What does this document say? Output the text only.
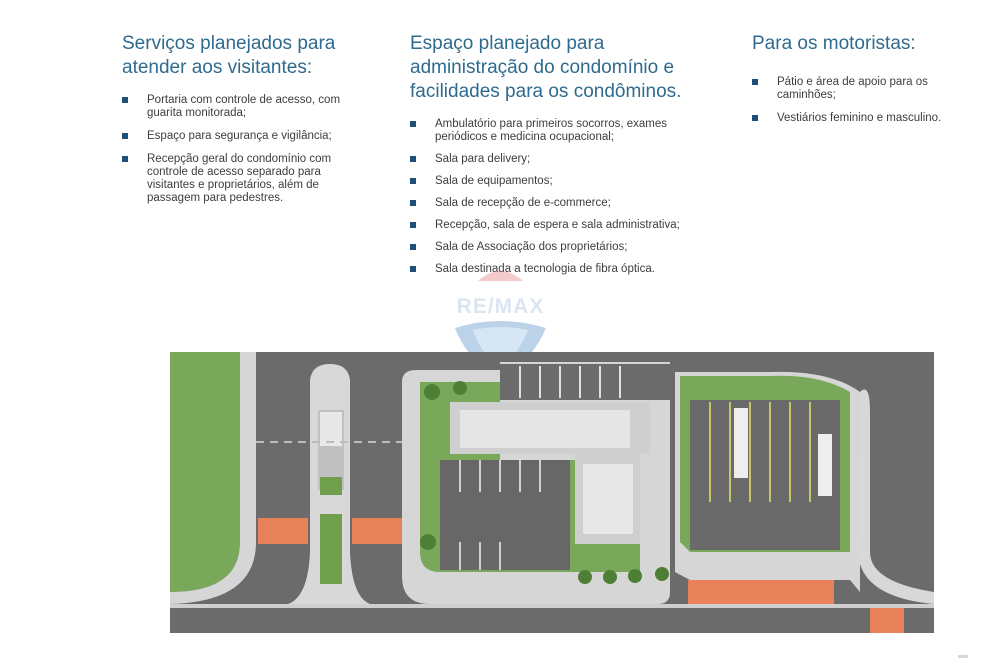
Serviços planejados para
atender aos visitantes:
Portaria com controle de acesso, com
guarita monitorada;
Espaço para segurança e vigilância;
Recepção geral do condomínio com
controle de acesso separado para
visitantes e proprietários, além de
passagem para pedestres.
Espaço planejado para
administração do condomínio e
facilidades para os condôminos.
Ambulatório para primeiros socorros, exames
periódicos e medicina ocupacional;
Sala para delivery;
Sala de equipamentos;
Sala de recepção de e-commerce;
Recepção, sala de espera e sala administrativa;
Sala de Associação dos proprietários;
Sala destinada a tecnologia de fibra óptica.
Para os motoristas:
Pátio e área de apoio para os
caminhões;
Vestiários feminino e masculino.
RE/MAX
